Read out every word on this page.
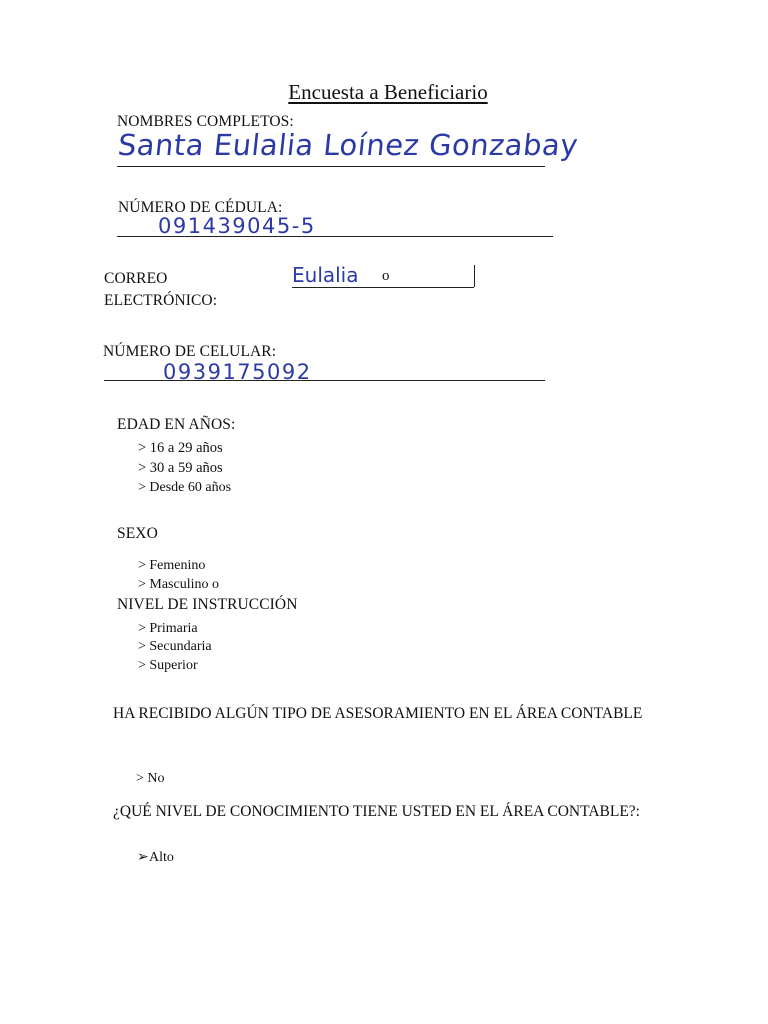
Encuesta a Beneficiario
NOMBRES COMPLETOS:
Santa Eulalia Loínez Gonzabay
NÚMERO DE CÉDULA:
091439045-5
CORREO
ELECTRÓNICO:
Eulalia o
NÚMERO DE CELULAR:
0939175092
EDAD EN AÑOS:
> 16 a 29 años
> 30 a 59 años
> Desde 60 años
SEXO
> Femenino
> Masculino o
NIVEL DE INSTRUCCIÓN
> Primaria
> Secundaria
> Superior
HA RECIBIDO ALGÚN TIPO DE ASESORAMIENTO EN EL ÁREA CONTABLE
> No
¿QUÉ NIVEL DE CONOCIMIENTO TIENE USTED EN EL ÁREA CONTABLE?:
➢Alto
